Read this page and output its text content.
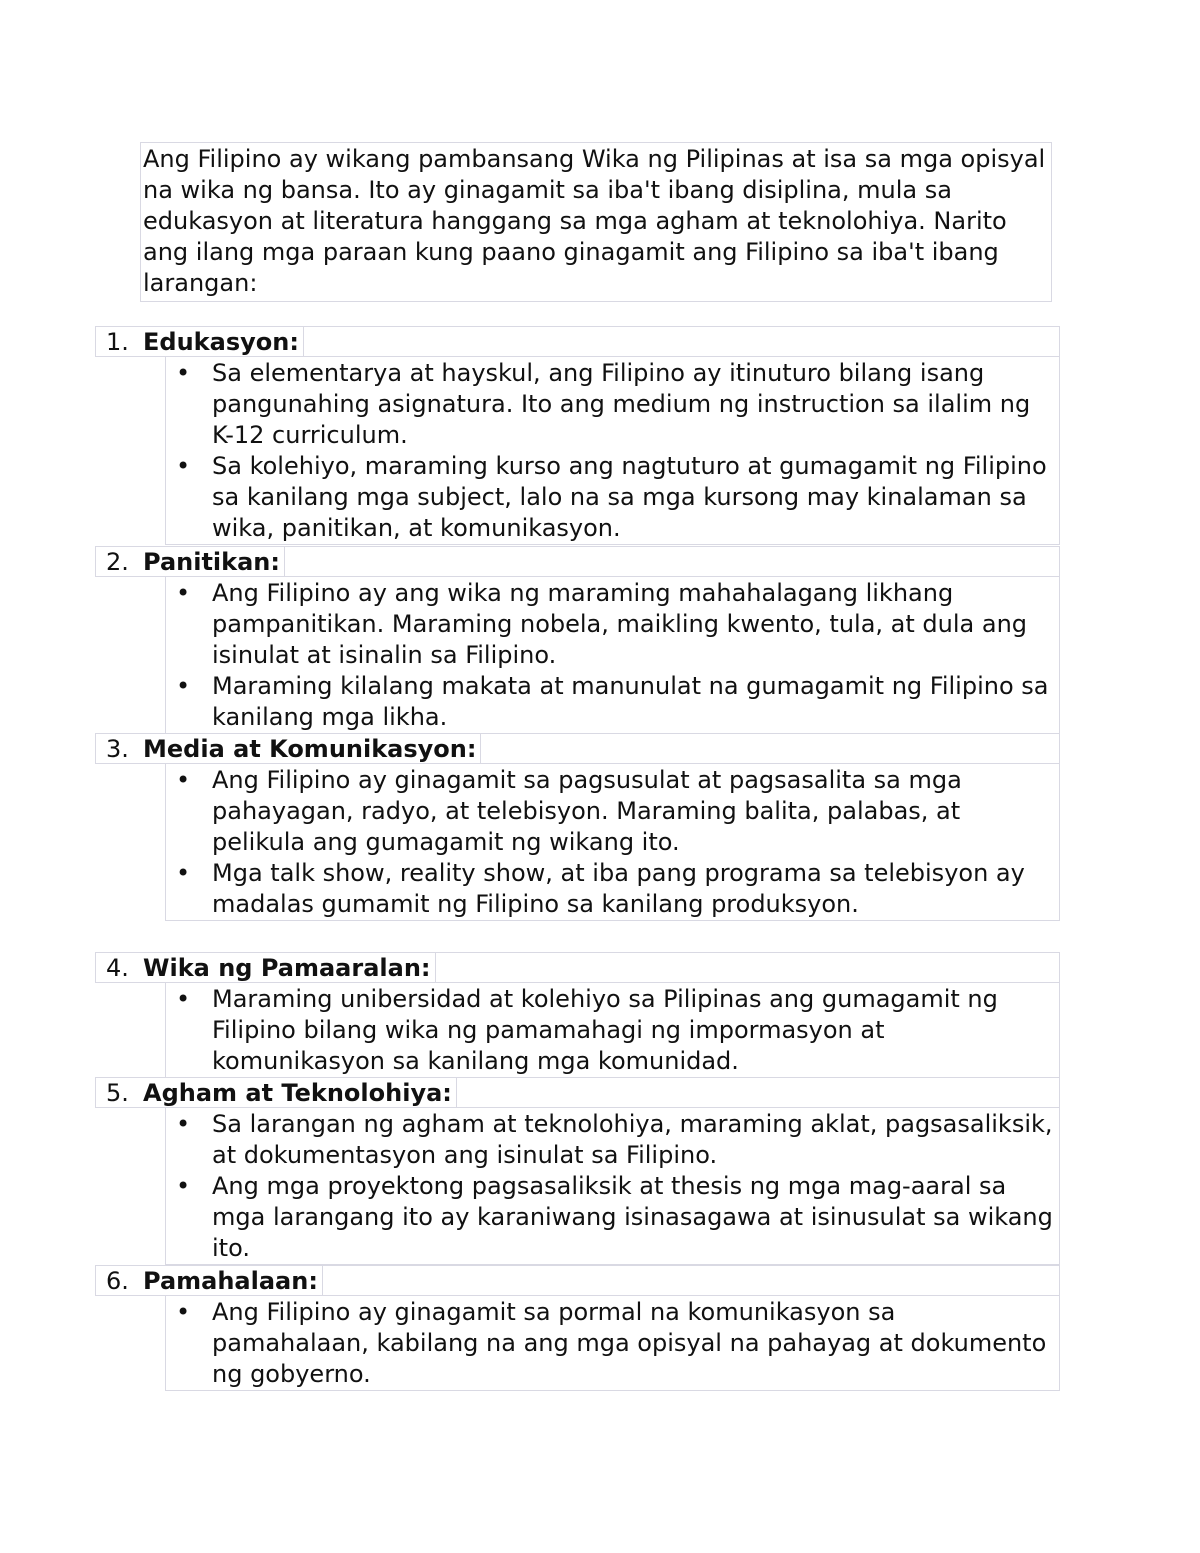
Ang Filipino ay wikang pambansang Wika ng Pilipinas at isa sa mga opisyal na wika ng bansa. Ito ay ginagamit sa iba't ibang disiplina, mula sa edukasyon at literatura hanggang sa mga agham at teknolohiya. Narito ang ilang mga paraan kung paano ginagamit ang Filipino sa iba't ibang larangan:
1. Edukasyon:
• Sa elementarya at hayskul, ang Filipino ay itinuturo bilang isang pangunahing asignatura. Ito ang medium ng instruction sa ilalim ng K-12 curriculum.
• Sa kolehiyo, maraming kurso ang nagtuturo at gumagamit ng Filipino sa kanilang mga subject, lalo na sa mga kursong may kinalaman sa wika, panitikan, at komunikasyon.
2. Panitikan:
• Ang Filipino ay ang wika ng maraming mahahalagang likhang pampanitikan. Maraming nobela, maikling kwento, tula, at dula ang isinulat at isinalin sa Filipino.
• Maraming kilalang makata at manunulat na gumagamit ng Filipino sa kanilang mga likha.
3. Media at Komunikasyon:
• Ang Filipino ay ginagamit sa pagsusulat at pagsasalita sa mga pahayagan, radyo, at telebisyon. Maraming balita, palabas, at pelikula ang gumagamit ng wikang ito.
• Mga talk show, reality show, at iba pang programa sa telebisyon ay madalas gumamit ng Filipino sa kanilang produksyon.
4. Wika ng Pamaaralan:
• Maraming unibersidad at kolehiyo sa Pilipinas ang gumagamit ng Filipino bilang wika ng pamamahagi ng impormasyon at komunikasyon sa kanilang mga komunidad.
5. Agham at Teknolohiya:
• Sa larangan ng agham at teknolohiya, maraming aklat, pagsasaliksik, at dokumentasyon ang isinulat sa Filipino.
• Ang mga proyektong pagsasaliksik at thesis ng mga mag-aaral sa mga larangang ito ay karaniwang isinasagawa at isinusulat sa wikang ito.
6. Pamahalaan:
• Ang Filipino ay ginagamit sa pormal na komunikasyon sa pamahalaan, kabilang na ang mga opisyal na pahayag at dokumento ng gobyerno.
